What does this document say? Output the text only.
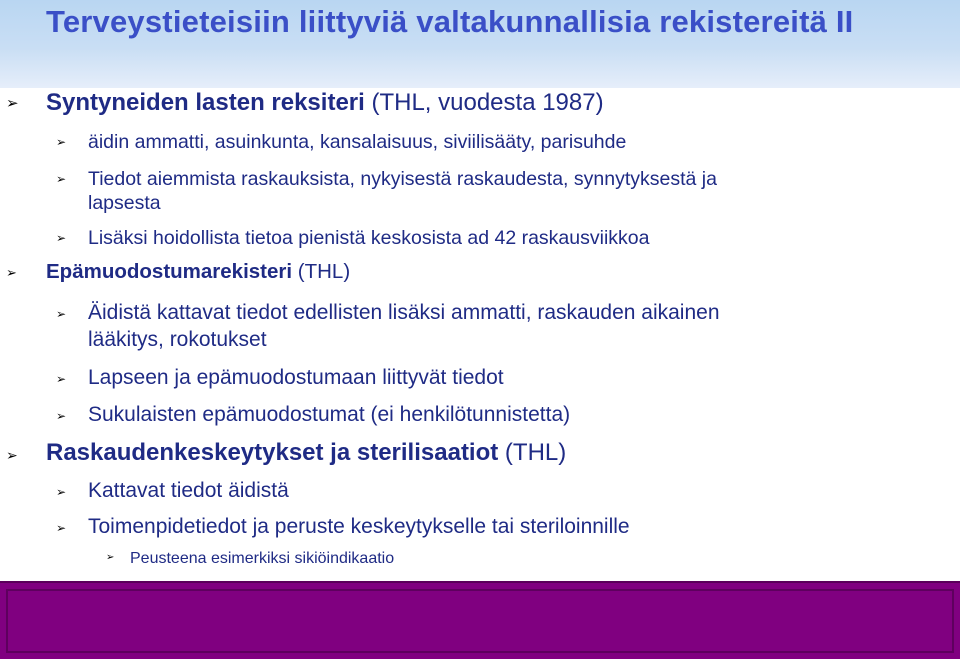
Terveystieteisiin liittyviä valtakunnallisia rekistereitä II
➢ Syntyneiden lasten reksiteri (THL, vuodesta 1987)
➢ äidin ammatti, asuinkunta, kansalaisuus, siviilisääty, parisuhde
➢ Tiedot aiemmista raskauksista, nykyisestä raskaudesta, synnytyksestä ja
lapsesta
➢ Lisäksi hoidollista tietoa pienistä keskosista ad 42 raskausviikkoa
➢ Epämuodostumarekisteri (THL)
➢ Äidistä kattavat tiedot edellisten lisäksi ammatti, raskauden aikainen
lääkitys, rokotukset
➢ Lapseen ja epämuodostumaan liittyvät tiedot
➢ Sukulaisten epämuodostumat (ei henkilötunnistetta)
➢ Raskaudenkeskeytykset ja sterilisaatiot (THL)
➢ Kattavat tiedot äidistä
➢ Toimenpidetiedot ja peruste keskeytykselle tai steriloinnille
➢ Peusteena esimerkiksi sikiöindikaatio
